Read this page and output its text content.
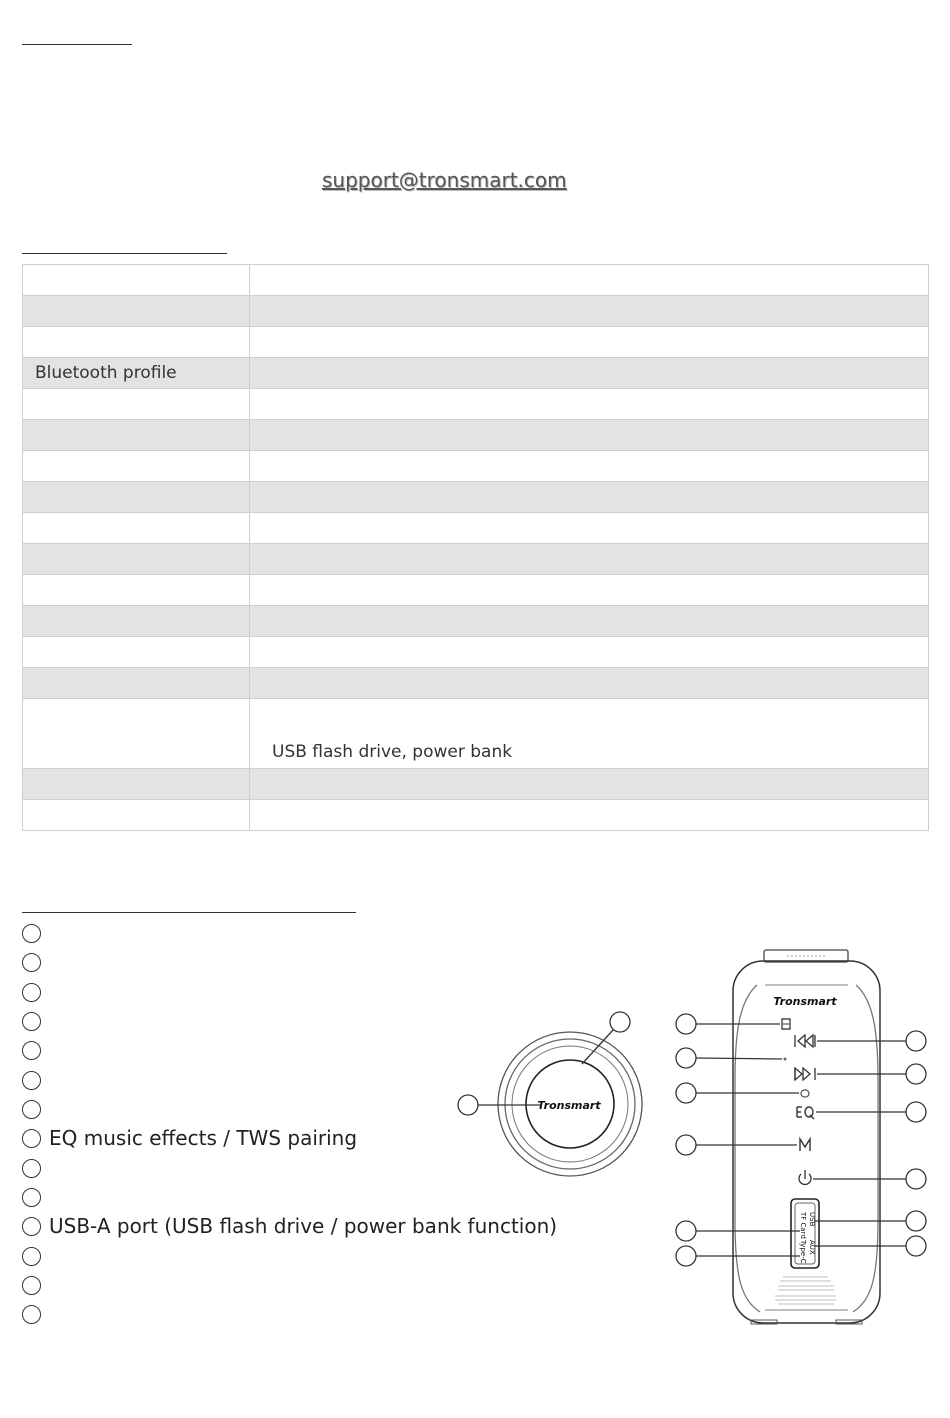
support@tronsmart.com

Bluetooth profile	

	USB flash drive, power bank

EQ music effects / TWS pairing
USB-A port (USB flash drive / power bank function)
Tronsmart
Tronsmart
USB
TF Card
AUX
Type-C
